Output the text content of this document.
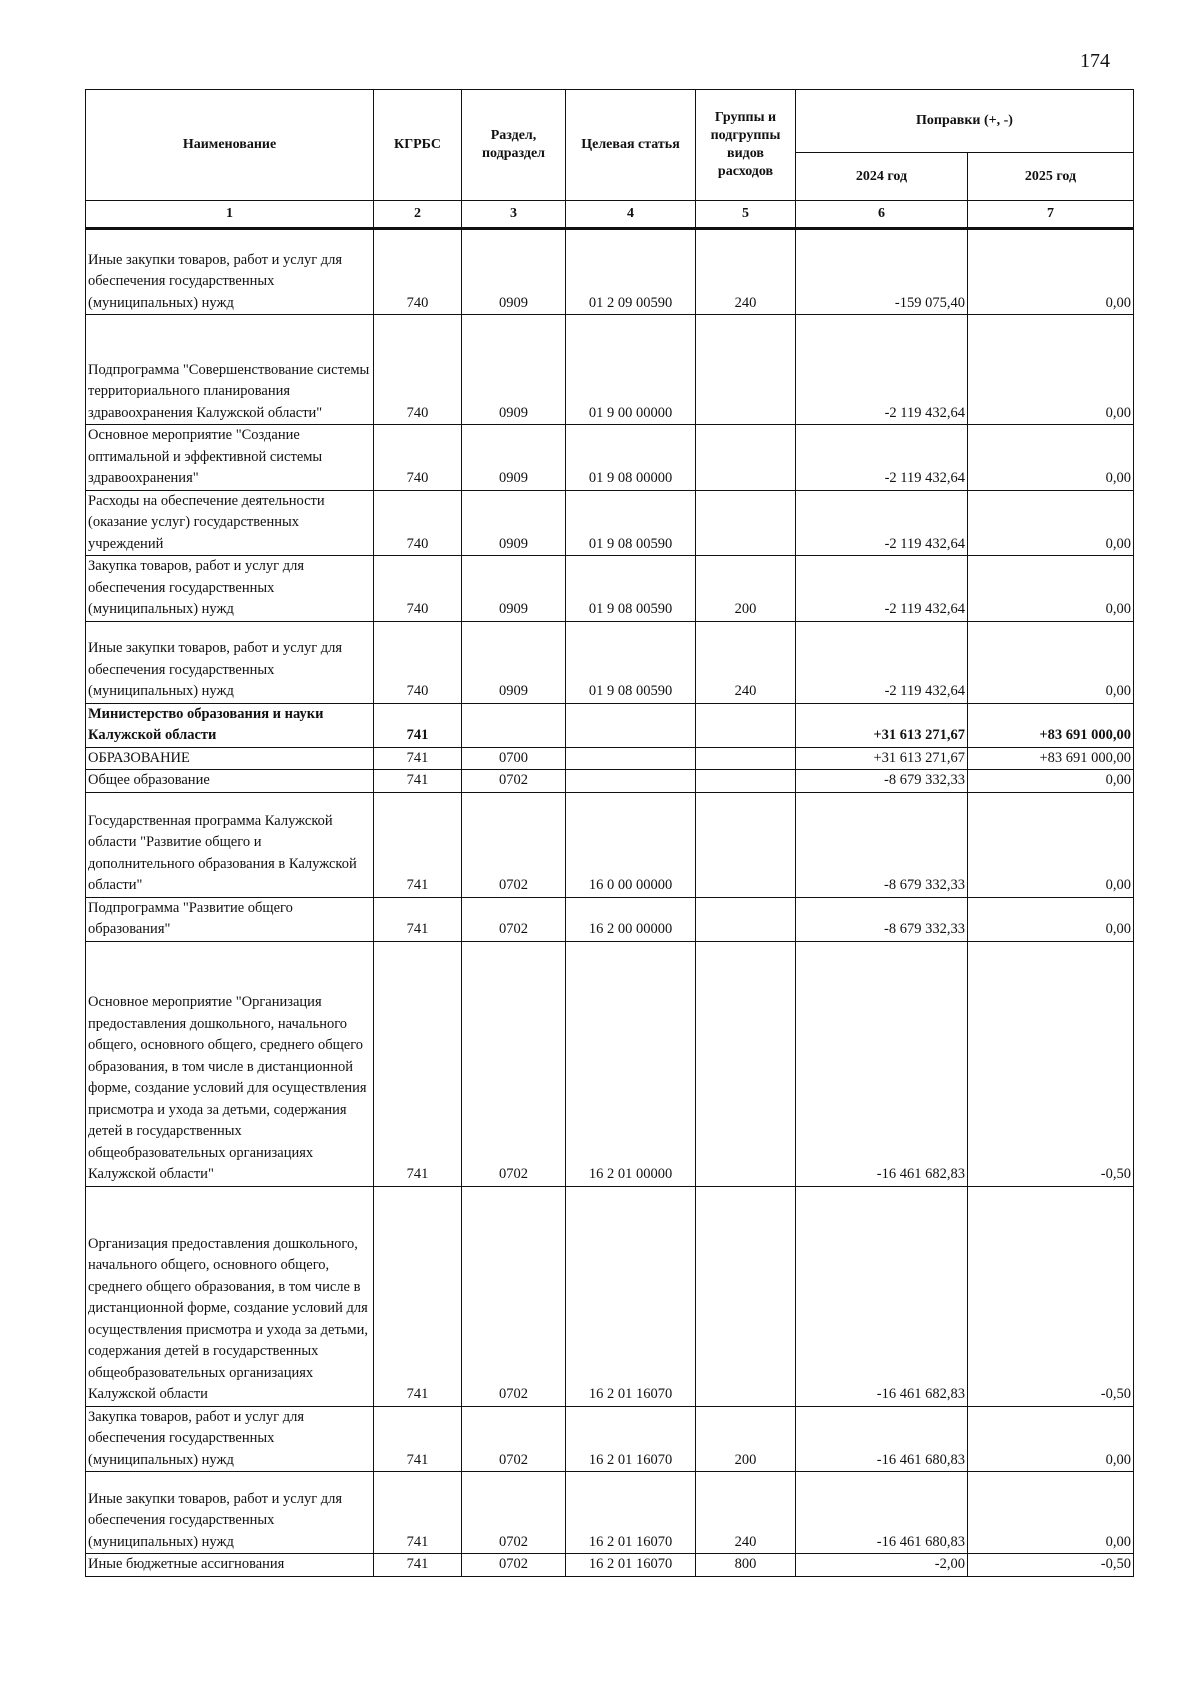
174
Наименование	КГРБС	Раздел, подраздел	Целевая статья	Группы и подгруппы видов расходов	Поправки (+, -)	
					2024 год	2025 год
1	2	3	4	5	6	7
Иные закупки товаров, работ и услуг для обеспечения государственных (муниципальных) нужд	740	0909	01 2 09 00590	240	-159 075,40	0,00
Подпрограмма "Совершенствование системы территориального планирования здравоохранения Калужской области"	740	0909	01 9 00 00000		-2 119 432,64	0,00
Основное мероприятие "Создание оптимальной и эффективной системы здравоохранения"	740	0909	01 9 08 00000		-2 119 432,64	0,00
Расходы на обеспечение деятельности (оказание услуг) государственных учреждений	740	0909	01 9 08 00590		-2 119 432,64	0,00
Закупка товаров, работ и услуг для обеспечения государственных (муниципальных) нужд	740	0909	01 9 08 00590	200	-2 119 432,64	0,00
Иные закупки товаров, работ и услуг для обеспечения государственных (муниципальных) нужд	740	0909	01 9 08 00590	240	-2 119 432,64	0,00
Министерство образования и науки Калужской области	741				+31 613 271,67	+83 691 000,00
ОБРАЗОВАНИЕ	741	0700			+31 613 271,67	+83 691 000,00
Общее образование	741	0702			-8 679 332,33	0,00
Государственная программа Калужской области "Развитие общего и дополнительного образования в Калужской области"	741	0702	16 0 00 00000		-8 679 332,33	0,00
Подпрограмма "Развитие общего образования"	741	0702	16 2 00 00000		-8 679 332,33	0,00
Основное мероприятие "Организация предоставления дошкольного, начального общего, основного общего, среднего общего образования, в том числе в дистанционной форме, создание условий для осуществления присмотра и ухода за детьми, содержания детей в государственных общеобразовательных организациях Калужской области"	741	0702	16 2 01 00000		-16 461 682,83	-0,50
Организация предоставления дошкольного, начального общего, основного общего, среднего общего образования, в том числе в дистанционной форме, создание условий для осуществления присмотра и ухода за детьми, содержания детей в государственных общеобразовательных организациях Калужской области	741	0702	16 2 01 16070		-16 461 682,83	-0,50
Закупка товаров, работ и услуг для обеспечения государственных (муниципальных) нужд	741	0702	16 2 01 16070	200	-16 461 680,83	0,00
Иные закупки товаров, работ и услуг для обеспечения государственных (муниципальных) нужд	741	0702	16 2 01 16070	240	-16 461 680,83	0,00
Иные бюджетные ассигнования	741	0702	16 2 01 16070	800	-2,00	-0,50
